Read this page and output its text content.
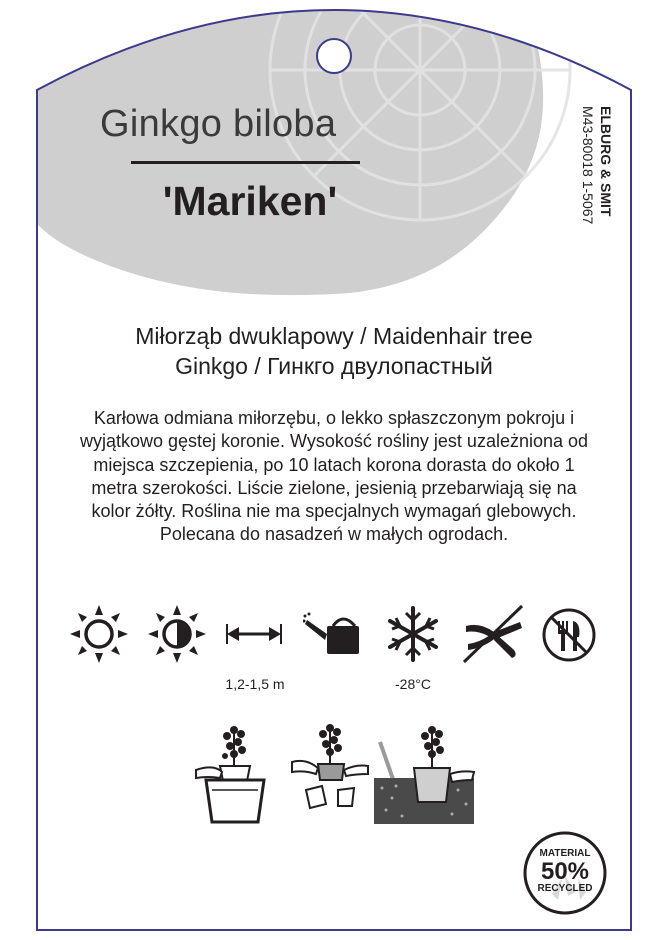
Ginkgo biloba
'Mariken'	M43-80018 1-5067 ELBURG & SMIT
Miłorząb dwuklapowy / Maidenhair tree
Ginkgo / Гинкго двулопастный
Karłowa odmiana miłorzębu, o lekko spłaszczonym pokroju i wyjątkowo gęstej koronie. Wysokość rośliny jest uzależniona od miejsca szczepienia, po 10 latach korona dorasta do około 1 metra szerokości. Liście zielone, jesienią przebarwiają się na kolor żółty. Roślina nie ma specjalnych wymagań glebowych. Polecana do nasadzeń w małych ogrodach.
1,2-1,5 m	-28°C
MATERIAL
50%
RECYCLED
